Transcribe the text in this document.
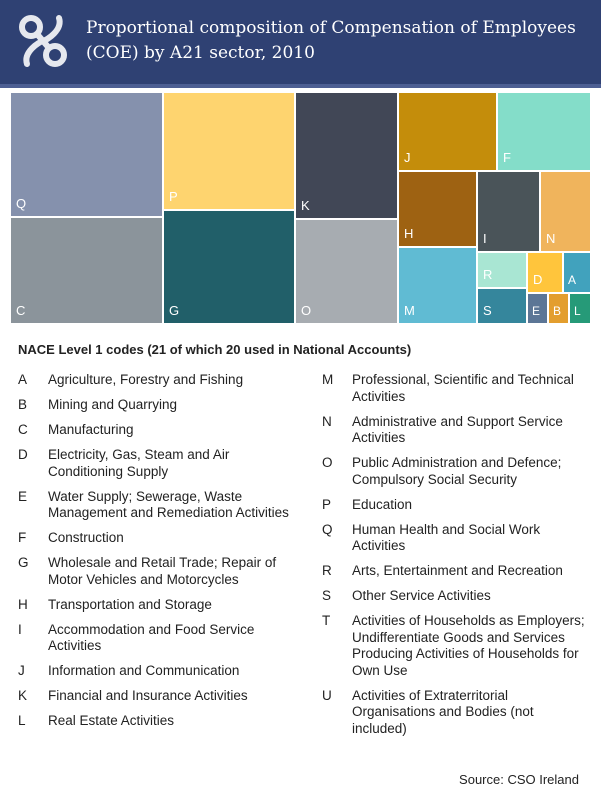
Proportional composition of Compensation of Employees (COE) by A21 sector, 2010
Q
C
P
G
K
O
J	F
H	I	N
M
R	D A
S	E B L
NACE Level 1 codes (21 of which 20 used in National Accounts)
A	Agriculture, Forestry and Fishing
B	Mining and Quarrying
C	Manufacturing
D	Electricity, Gas, Steam and Air Conditioning Supply
E	Water Supply; Sewerage, Waste Management and Remediation Activities
F	Construction
G	Wholesale and Retail Trade; Repair of Motor Vehicles and Motorcycles
H	Transportation and Storage
I	Accommodation and Food Service Activities
J	Information and Communication
K	Financial and Insurance Activities
L	Real Estate Activities
M	Professional, Scientific and Technical Activities
N	Administrative and Support Service Activities
O	Public Administration and Defence; Compulsory Social Security
P	Education
Q	Human Health and Social Work Activities
R	Arts, Entertainment and Recreation
S	Other Service Activities
T	Activities of Households as Employers; Undifferentiate Goods and Services Producing Activities of Households for Own Use
U	Activities of Extraterritorial Organisations and Bodies (not included)
Source: CSO Ireland
